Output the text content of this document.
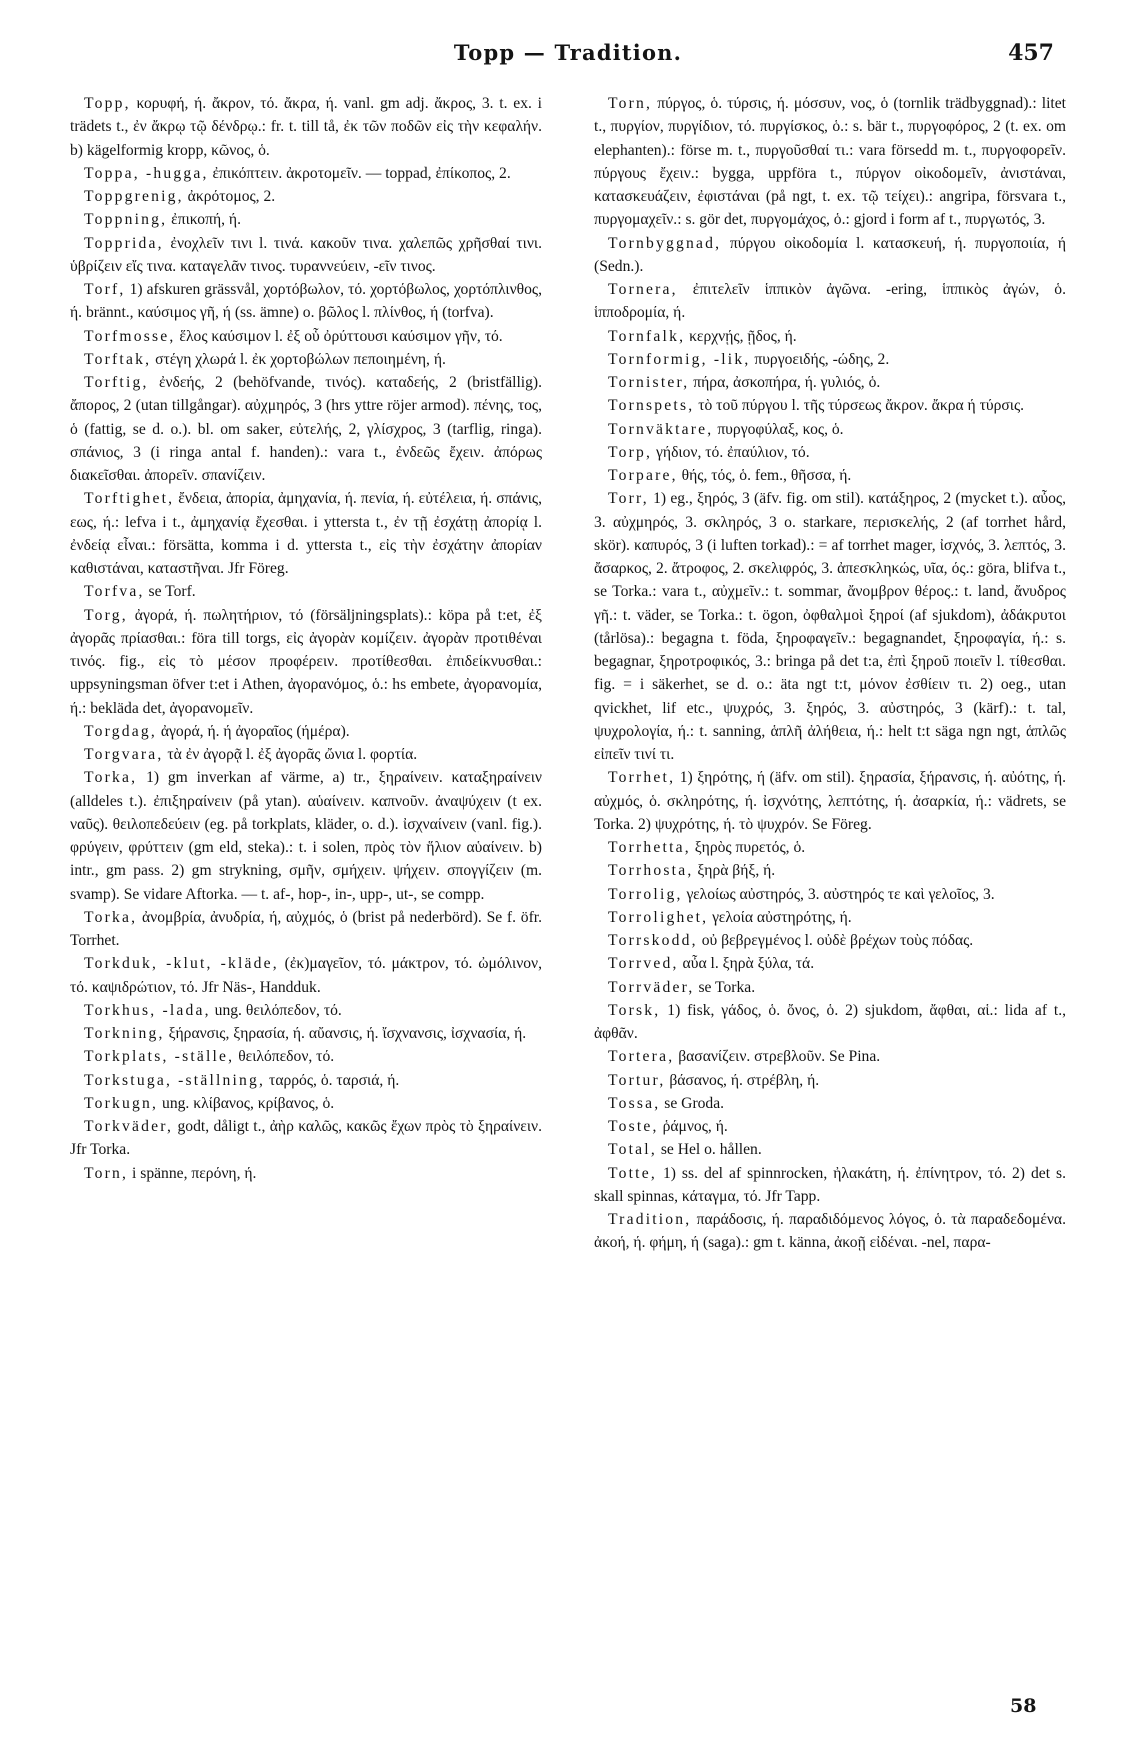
Topp — Tradition.	457

Topp, κορυφή, ή. ἄκρον, τό. ἄκρα, ή. vanl. gm adj. ἄκρος, 3. t. ex. i trädets t., ἐν ἄκρῳ τῷ δένδρῳ.: fr. t. till tå, ἐκ τῶν ποδῶν εἰς τὴν κεφαλήν. b) kägelformig kropp, κῶνος, ὁ.

Toppa, -hugga, ἐπικόπτειν. ἀκροτομεῖν. — toppad, ἐπίκοπος, 2.

Toppgrenig, ἀκρότομος, 2.

Toppning, ἐπικοπή, ή.

Topprida, ἐνοχλεῖν τινι l. τινά. κακοῦν τινα. χαλεπῶς χρῆσθαί τινι. ὑβρίζειν εἴς τινα. καταγελᾶν τινος. τυραννεύειν, -εῖν τινος.

Torf, 1) afskuren grässvål, χορτόβωλον, τό. χορτόβωλος, χορτόπλινθος, ή. brännt., καύσιμος γῆ, ή (ss. ämne) o. βῶλος l. πλίνθος, ή (torfva).

Torfmosse, ἕλος καύσιμον l. ἐξ οὗ ὀρύττουσι καύσιμον γῆν, τό.

Torftak, στέγη χλωρά l. ἐκ χορτοβώλων πεποιημένη, ή.

Torftig, ἐνδεής, 2 (behöfvande, τινός). καταδεής, 2 (bristfällig). ἄπορος, 2 (utan tillgångar). αὐχμηρός, 3 (hrs yttre röjer armod). πένης, τος, ὁ (fattig, se d. o.). bl. om saker, εὐτελής, 2, γλίσχρος, 3 (tarflig, ringa). σπάνιος, 3 (i ringa antal f. handen).: vara t., ἐνδεῶς ἔχειν. ἀπόρως διακεῖσθαι. ἀπορεῖν. σπανίζειν.

Torftighet, ἔνδεια, ἀπορία, ἀμηχανία, ή. πενία, ή. εὐτέλεια, ή. σπάνις, εως, ή.: lefva i t., ἀμηχανίᾳ ἔχεσθαι. i yttersta t., ἐν τῇ ἐσχάτῃ ἀπορίᾳ l. ἐνδείᾳ εἶναι.: försätta, komma i d. yttersta t., εἰς τὴν ἐσχάτην ἀπορίαν καθιστάναι, καταστῆναι. Jfr Föreg.

Torfva, se Torf.

Torg, ἀγορά, ή. πωλητήριον, τό (försäljningsplats).: köpa på t:et, ἐξ ἀγορᾶς πρίασθαι.: föra till torgs, εἰς ἀγορὰν κομίζειν. ἀγορὰν προτιθέναι τινός. fig., εἰς τὸ μέσον προφέρειν. προτίθεσθαι. ἐπιδείκνυσθαι.: uppsyningsman öfver t:et i Athen, ἀγορανόμος, ὁ.: hs embete, ἀγορανομία, ή.: bekläda det, ἀγορανομεῖν.

Torgdag, ἀγορά, ή. ή ἀγοραῖος (ήμέρα).

Torgvara, τὰ ἐν ἀγορᾷ l. ἐξ ἀγορᾶς ὤνια l. φορτία.

Torka, 1) gm inverkan af värme, a) tr., ξηραίνειν. καταξηραίνειν (alldeles t.). ἐπιξηραίνειν (på ytan). αὑαίνειν. καπνοῦν. ἀναψύχειν (t ex. ναῦς). θειλοπεδεύειν (eg. på torkplats, kläder, o. d.). ἰσχναίνειν (vanl. fig.). φρύγειν, φρύττειν (gm eld, steka).: t. i solen, πρὸς τὸν ἥλιον αὑαίνειν. b) intr., gm pass. 2) gm strykning, σμῆν, σμήχειν. ψήχειν. σπογγίζειν (m. svamp). Se vidare Aftorka. — t. af-, hop-, in-, upp-, ut-, se compp.

Torka, ἀνομβρία, ἀνυδρία, ή, αὐχμός, ὁ (brist på nederbörd). Se f. öfr. Torrhet.

Torkduk, -klut, -kläde, (ἐκ)μαγεῖον, τό. μάκτρον, τό. ὠμόλινον, τό. καψιδρώτιον, τό. Jfr Näs-, Handduk.

Torkhus, -lada, ung. θειλόπεδον, τό.

Torkning, ξήρανσις, ξηρασία, ή. αὔανσις, ή. ἴσχνανσις, ἰσχνασία, ή.

Torkplats, -ställe, θειλόπεδον, τό.

Torkstuga, -ställning, ταρρός, ὁ. ταρσιά, ή.

Torkugn, ung. κλίβανος, κρίβανος, ὁ.

Torkväder, godt, dåligt t., ἀὴρ καλῶς, κακῶς ἔχων πρὸς τὸ ξηραίνειν. Jfr Torka.

Torn, i spänne, περόνη, ή.

Torn, πύργος, ὁ. τύρσις, ή. μόσσυν, νος, ὁ (tornlik trädbyggnad).: litet t., πυργίον, πυργίδιον, τό. πυργίσκος, ὁ.: s. bär t., πυργοφόρος, 2 (t. ex. om elephanten).: förse m. t., πυργοῦσθαί τι.: vara försedd m. t., πυργοφορεῖν. πύργους ἔχειν.: bygga, uppföra t., πύργον οἰκοδομεῖν, ἀνιστάναι, κατασκευάζειν, ἐφιστάναι (på ngt, t. ex. τῷ τείχει).: angripa, försvara t., πυργομαχεῖν.: s. gör det, πυργομάχος, ὁ.: gjord i form af t., πυργωτός, 3.

Tornbyggnad, πύργου οἰκοδομία l. κατασκευή, ή. πυργοποιία, ή (Sedn.).

Tornera, ἐπιτελεῖν ἱππικὸν ἀγῶνα. -ering, ἱππικὸς ἀγών, ὁ. ἱπποδρομία, ή.

Tornfalk, κερχνῄς, ῇδος, ή.

Tornformig, -lik, πυργοειδής, -ώδης, 2.

Tornister, πήρα, ἀσκοπήρα, ή. γυλιός, ὁ.

Tornspets, τὸ τοῦ πύργου l. τῆς τύρσεως ἄκρον. ἄκρα ή τύρσις.

Tornväktare, πυργοφύλαξ, κος, ὁ.

Torp, γήδιον, τό. ἐπαύλιον, τό.

Torpare, θής, τός, ὁ. fem., θῆσσα, ή.

Torr, 1) eg., ξηρός, 3 (äfv. fig. om stil). κατάξηρος, 2 (mycket t.). αὖος, 3. αὐχμηρός, 3. σκληρός, 3 o. starkare, περισκελής, 2 (af torrhet hård, skör). καπυρός, 3 (i luften torkad).: = af torrhet mager, ἰσχνός, 3. λεπτός, 3. ἄσαρκος, 2. ἄτροφος, 2. σκελιφρός, 3. ἀπεσκληκώς, υῖα, ός.: göra, blifva t., se Torka.: vara t., αὐχμεῖν.: t. sommar, ἄνομβρον θέρος.: t. land, ἄνυδρος γῆ.: t. väder, se Torka.: t. ögon, ὀφθαλμοὶ ξηροί (af sjukdom), ἀδάκρυτοι (tårlösa).: begagna t. föda, ξηροφαγεῖν.: begagnandet, ξηροφαγία, ή.: s. begagnar, ξηροτροφικός, 3.: bringa på det t:a, ἐπὶ ξηροῦ ποιεῖν l. τίθεσθαι. fig. = i säkerhet, se d. o.: äta ngt t:t, μόνον ἐσθίειν τι. 2) oeg., utan qvickhet, lif etc., ψυχρός, 3. ξηρός, 3. αὐστηρός, 3 (kärf).: t. tal, ψυχρολογία, ή.: t. sanning, ἁπλῆ ἀλήθεια, ή.: helt t:t säga ngn ngt, ἁπλῶς εἰπεῖν τινί τι.

Torrhet, 1) ξηρότης, ή (äfv. om stil). ξηρασία, ξήρανσις, ή. αὐότης, ή. αὐχμός, ὁ. σκληρότης, ή. ἰσχνότης, λεπτότης, ή. ἀσαρκία, ή.: vädrets, se Torka. 2) ψυχρότης, ή. τὸ ψυχρόν. Se Föreg.

Torrhetta, ξηρὸς πυρετός, ὁ.

Torrhosta, ξηρὰ βήξ, ή.

Torrolig, γελοίως αὐστηρός, 3. αὐστηρός τε καὶ γελοῖος, 3.

Torrolighet, γελοία αὐστηρότης, ή.

Torrskodd, οὐ βεβρεγμένος l. οὐδὲ βρέχων τοὺς πόδας.

Torrved, αὖα l. ξηρὰ ξύλα, τά.

Torrväder, se Torka.

Torsk, 1) fisk, γάδος, ὁ. ὄνος, ὁ. 2) sjukdom, ἄφθαι, αἱ.: lida af t., ἀφθᾶν.

Tortera, βασανίζειν. στρεβλοῦν. Se Pina.

Tortur, βάσανος, ή. στρέβλη, ή.

Tossa, se Groda.

Toste, ῥάμνος, ή.

Total, se Hel o. hållen.

Totte, 1) ss. del af spinnrocken, ἠλακάτη, ή. ἐπίνητρον, τό. 2) det s. skall spinnas, κάταγμα, τό. Jfr Tapp.

Tradition, παράδοσις, ή. παραδιδόμενος λόγος, ὁ. τὰ παραδεδομένα. ἀκοή, ή. φήμη, ή (saga).: gm t. känna, ἀκοῇ εἰδέναι. -nel, παρα-

58
